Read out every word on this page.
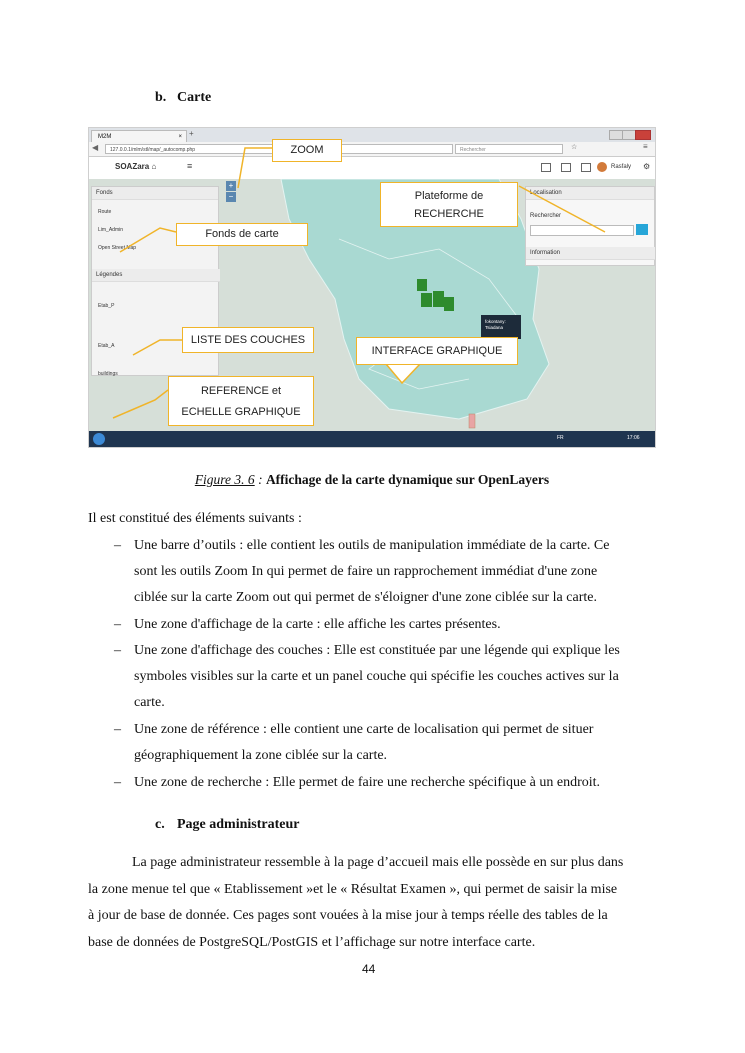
b. Carte
M2M	× +
◀	127.0.0.1/mlm/stl/map/_autocomp.php	Rechercher	☆	≡
SOAZara ⌂	≡	Rasfaly ⚙
fokontany: Tsiadana
+
−
Fonds
Route
Lim_Admin
Open Street Map
Légendes
Etab_P
Etab_A
buildings
Localisation
Rechercher
Information
FR	17:06
ZOOM
Plateforme de
RECHERCHE
Fonds de carte
LISTE DES COUCHES
INTERFACE GRAPHIQUE
REFERENCE et
ECHELLE GRAPHIQUE
Figure 3. 6 : Affichage de la carte dynamique sur OpenLayers
Il est constitué des éléments suivants :
– Une barre d’outils : elle contient les outils de manipulation immédiate de la carte. Ce
sont les outils Zoom In qui permet de faire un rapprochement immédiat d'une zone
ciblée sur la carte Zoom out qui permet de s'éloigner d'une zone ciblée sur la carte.
– Une zone d'affichage de la carte : elle affiche les cartes présentes.
– Une zone d'affichage des couches : Elle est constituée par une légende qui explique les
symboles visibles sur la carte et un panel couche qui spécifie les couches actives sur la
carte.
– Une zone de référence : elle contient une carte de localisation qui permet de situer
géographiquement la zone ciblée sur la carte.
– Une zone de recherche : Elle permet de faire une recherche spécifique à un endroit.
c. Page administrateur
La page administrateur ressemble à la page d’accueil mais elle possède en sur plus dans
la zone menue tel que « Etablissement »et le « Résultat Examen », qui permet de saisir la mise
à jour de base de donnée. Ces pages sont vouées à la mise jour à temps réelle des tables de la
base de données de PostgreSQL/PostGIS et l’affichage sur notre interface carte.
44
